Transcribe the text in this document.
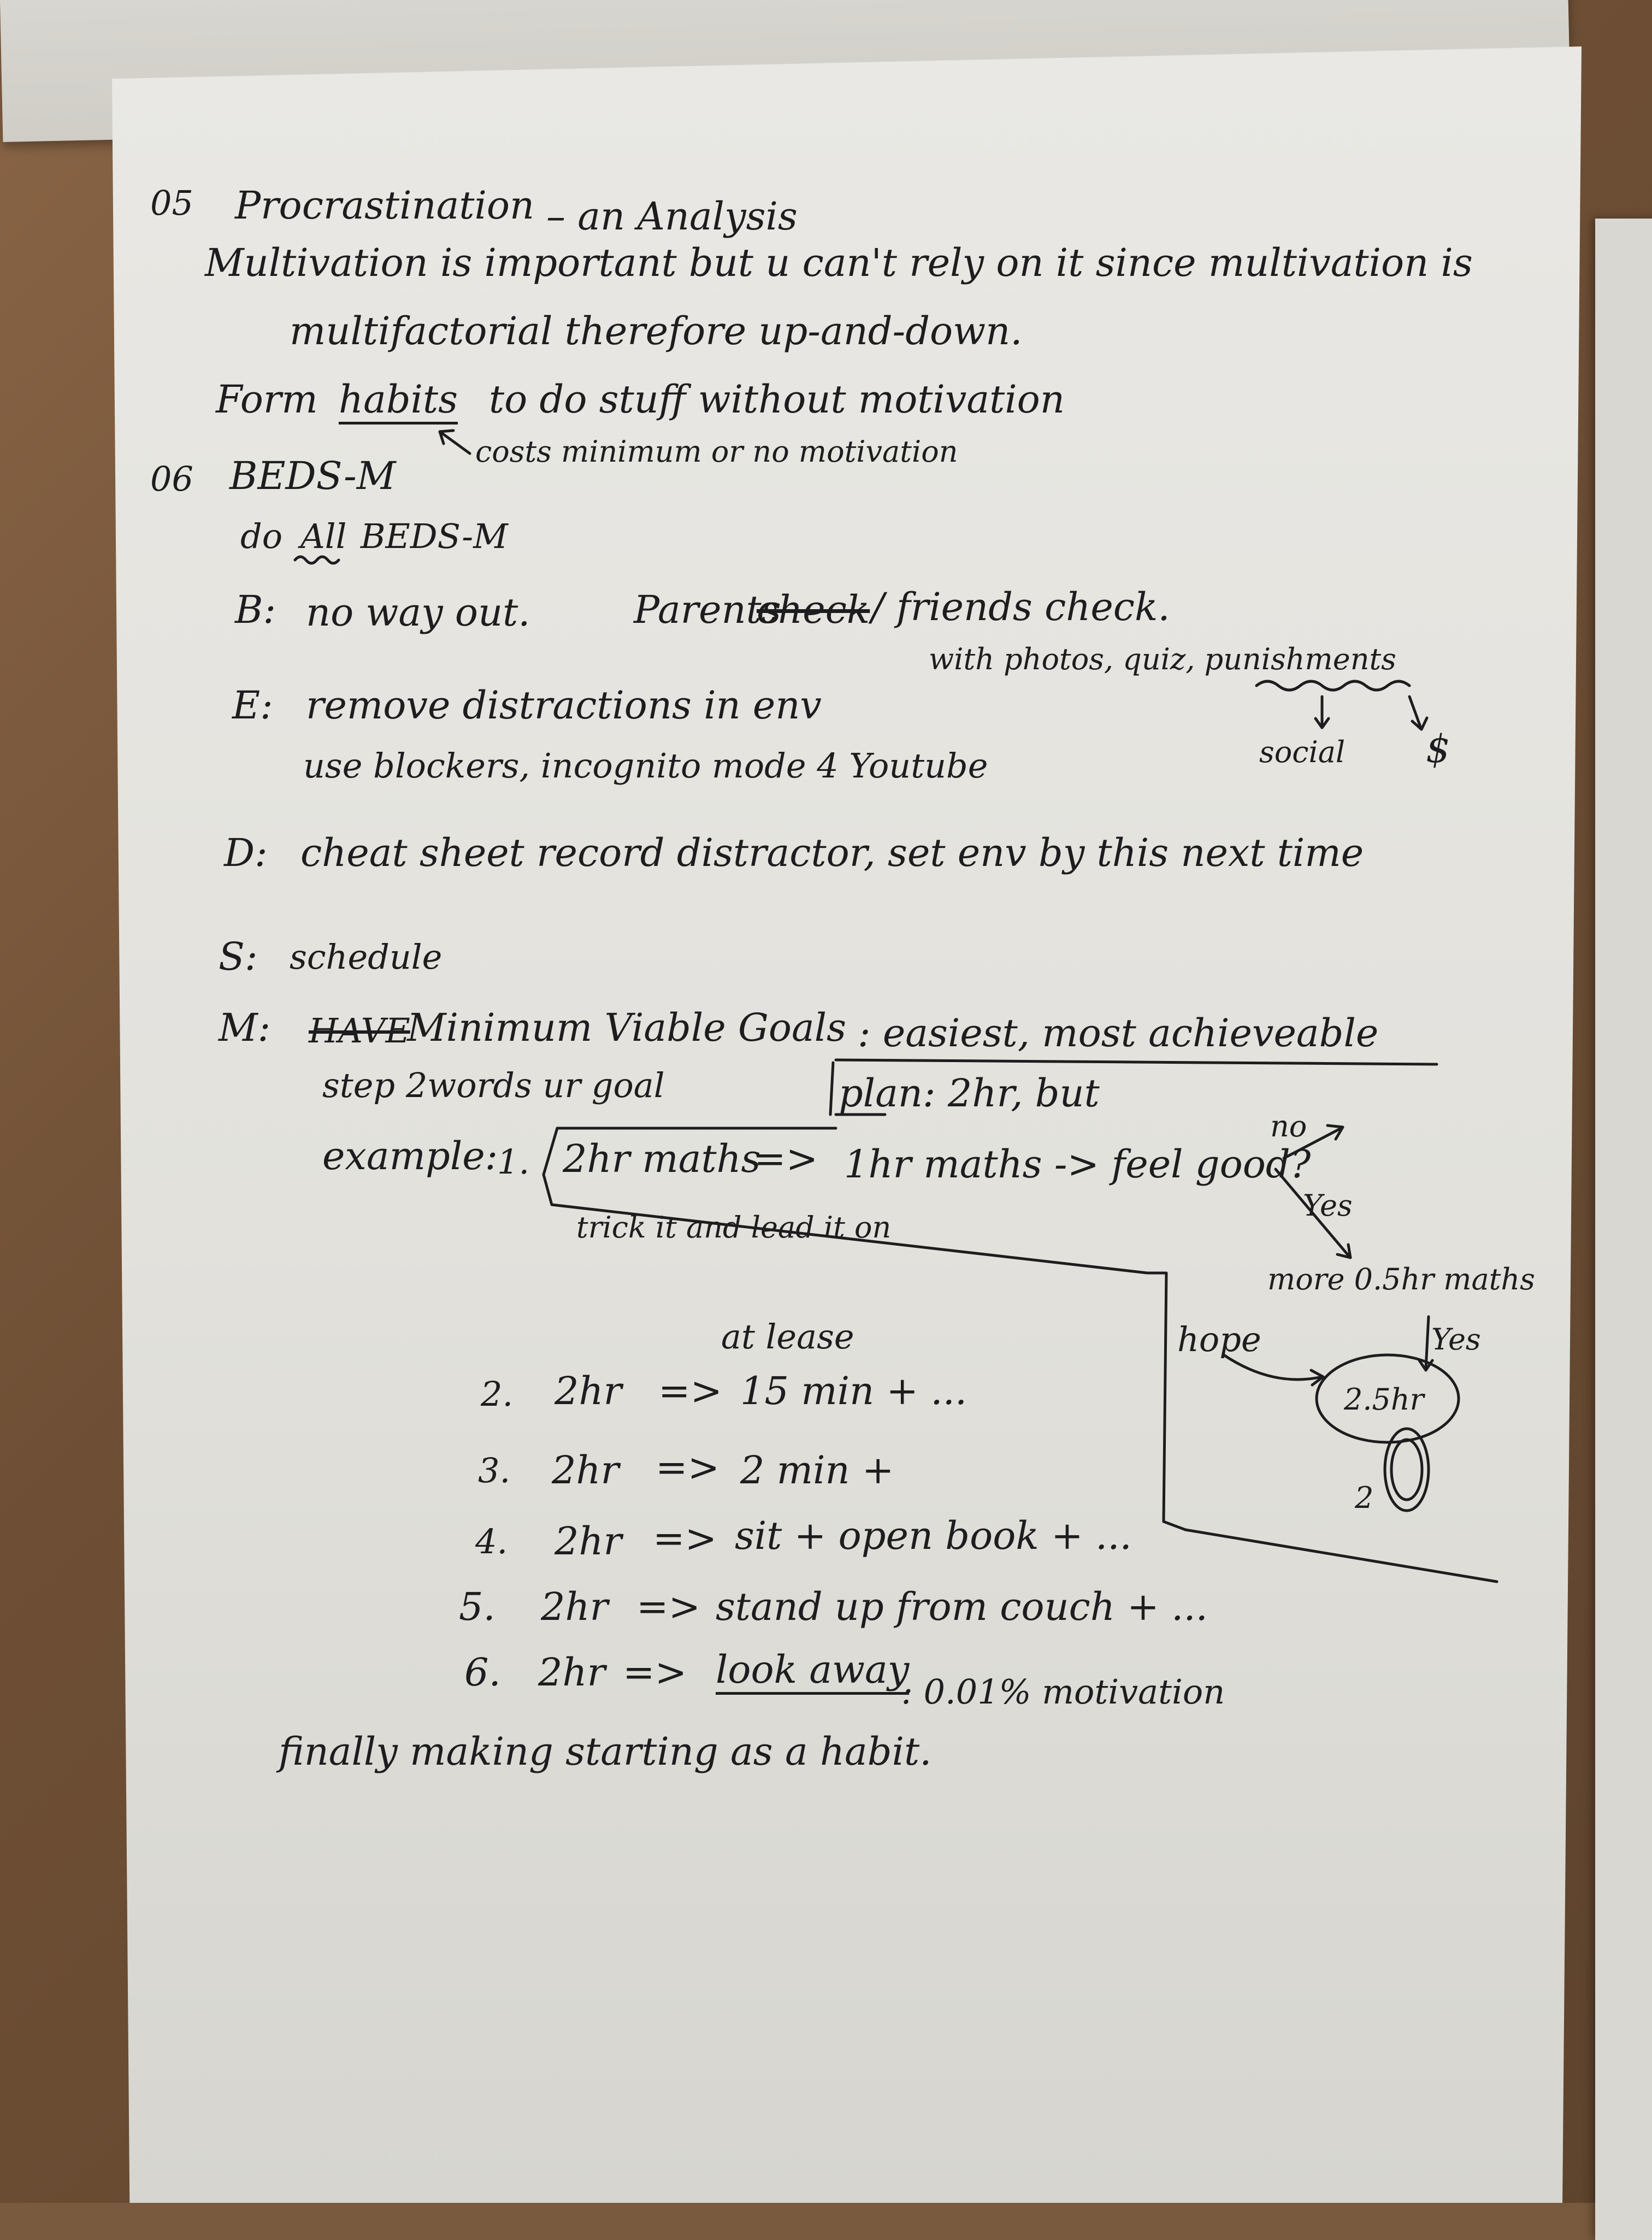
05 Procrastination – an Analysis
Multivation is important but u can't rely on it since multivation is
multifactorial therefore up-and-down.
Form habits to do stuff without motivation
costs minimum or no motivation
06 BEDS-M
do All BEDS-M
B: no way out.	Parents
check / friends check.
with photos, quiz, punishments
social $
E: remove distractions in env
use blockers, incognito mode 4 Youtube
D: cheat sheet record distractor, set env by this next time
S: schedule
M: HAVE
Minimum Viable Goals : easiest, most achieveable
step 2words ur goal	plan: 2hr, but
example:
1. 2hr maths
=> 1hr maths -> feel good?
trick it and lead it on
no
Yes
more 0.5hr maths
Yes
hope
2.5hr
2
at lease
2. 2hr => 15 min + ...
3. 2hr => 2 min +
4. 2hr => sit + open book + ...
5. 2hr => stand up from couch + ...
6. 2hr => look away
: 0.01% motivation
finally making starting as a habit.
